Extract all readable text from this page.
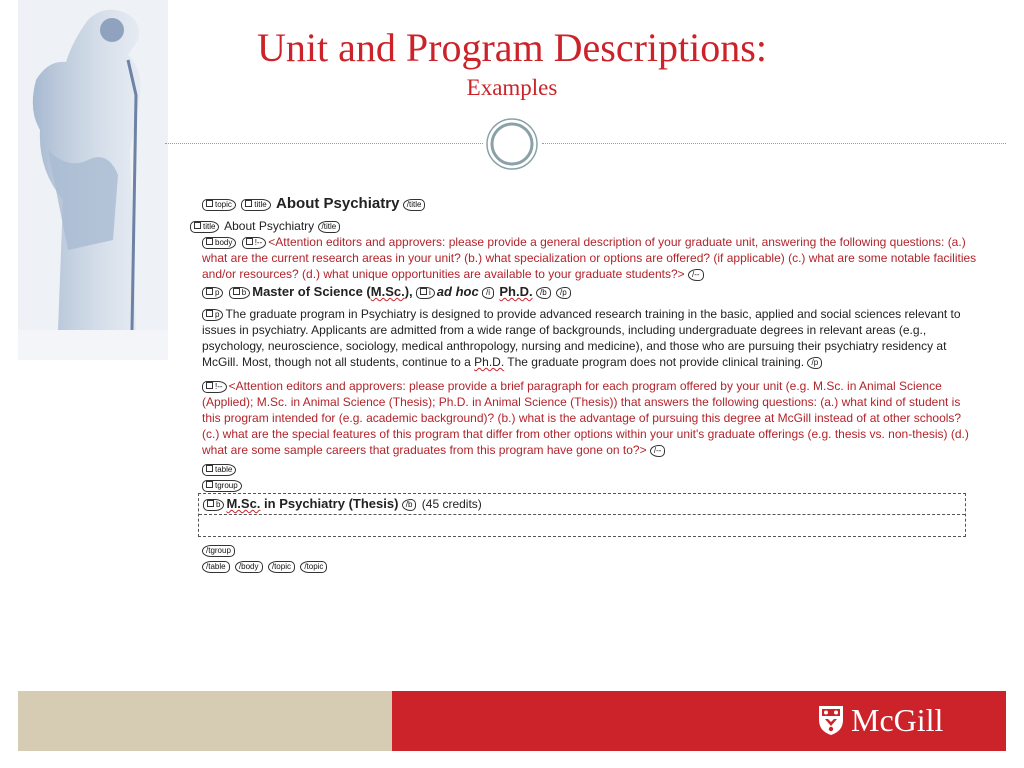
Unit and Program Descriptions:
Examples
topic	title About Psychiatry /title
title About Psychiatry /title

body	!-- <Attention editors and approvers: please provide a general description of your graduate unit, answering the following questions: (a.) what are the current research areas in your unit? (b.) what specialization or options are offered? (if applicable) (c.) what are some notable facilities and/or resources? (d.) what unique opportunities are available to your graduate students?> /--

p	b Master of Science (M.Sc.), i ad hoc /i Ph.D. /b /p

p The graduate program in Psychiatry is designed to provide advanced research training in the basic, applied and social sciences relevant to issues in psychiatry. Applicants are admitted from a wide range of backgrounds, including undergraduate degrees in relevant areas (e.g., psychology, neuroscience, sociology, medical anthropology, nursing and medicine), and those who are pursuing their psychiatry residency at McGill. Most, though not all students, continue to a Ph.D. The graduate program does not provide clinical training. /p

!-- <Attention editors and approvers: please provide a brief paragraph for each program offered by your unit (e.g. M.Sc. in Animal Science (Applied); M.Sc. in Animal Science (Thesis); Ph.D. in Animal Science (Thesis)) that answers the following questions: (a.) what kind of student is this program intended for (e.g. academic background)? (b.) what is the advantage of pursuing this degree at McGill instead of at other schools? (c.) what are the special features of this program that differ from other options within your unit's graduate offerings (e.g. thesis vs. non-thesis) (d.) what are some sample careers that graduates from this program have gone on to?> /--

table
tgroup
b M.Sc. in Psychiatry (Thesis) /b (45 credits)
/tgroup
/table /body /topic /topic
McGill
